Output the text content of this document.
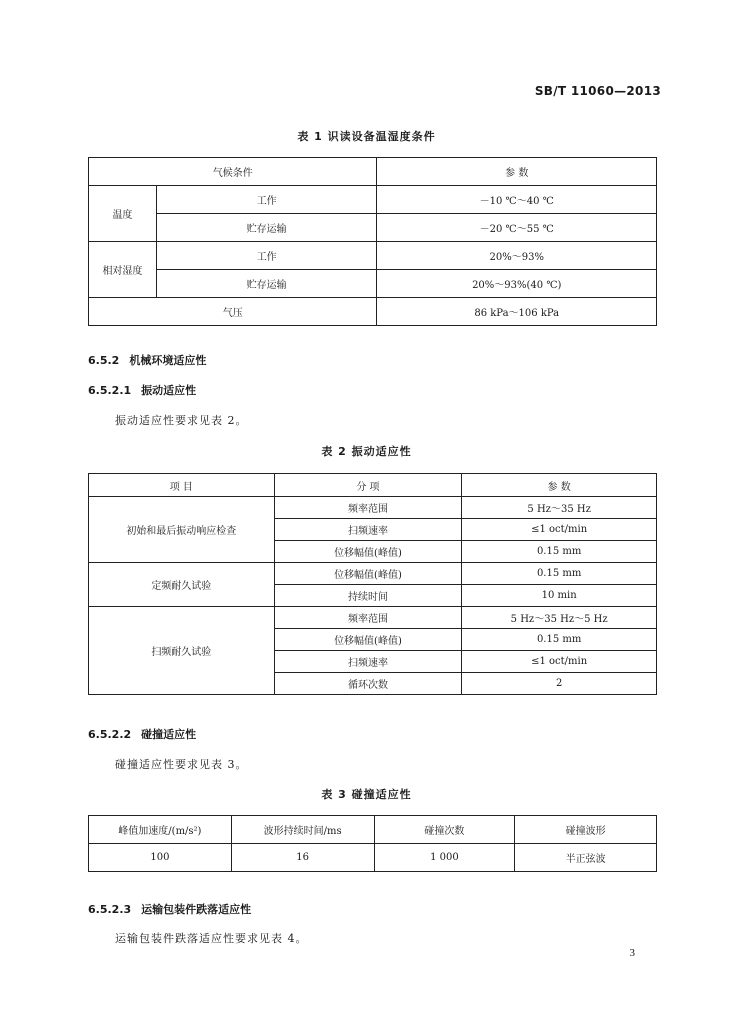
SB/T 11060—2013
表 1 识读设备温湿度条件
气候条件		参 数
温度	工作	－10 ℃～40 ℃
	贮存运输	－20 ℃～55 ℃
相对湿度	工作	20%～93%
	贮存运输	20%～93%(40 ℃)
气压		86 kPa～106 kPa
6.5.2 机械环境适应性
6.5.2.1 振动适应性
振动适应性要求见表 2。
表 2 振动适应性
项 目	分 项	参 数
初始和最后振动响应检查	频率范围	5 Hz～35 Hz
	扫频速率	≤1 oct/min
	位移幅值(峰值)	0.15 mm
定频耐久试验	位移幅值(峰值)	0.15 mm
	持续时间	10 min
扫频耐久试验	频率范围	5 Hz～35 Hz～5 Hz
	位移幅值(峰值)	0.15 mm
	扫频速率	≤1 oct/min
	循环次数	2
6.5.2.2 碰撞适应性
碰撞适应性要求见表 3。
表 3 碰撞适应性
峰值加速度/(m/s²)	波形持续时间/ms	碰撞次数	碰撞波形
100	16	1 000	半正弦波
6.5.2.3 运输包装件跌落适应性
运输包装件跌落适应性要求见表 4。
3
